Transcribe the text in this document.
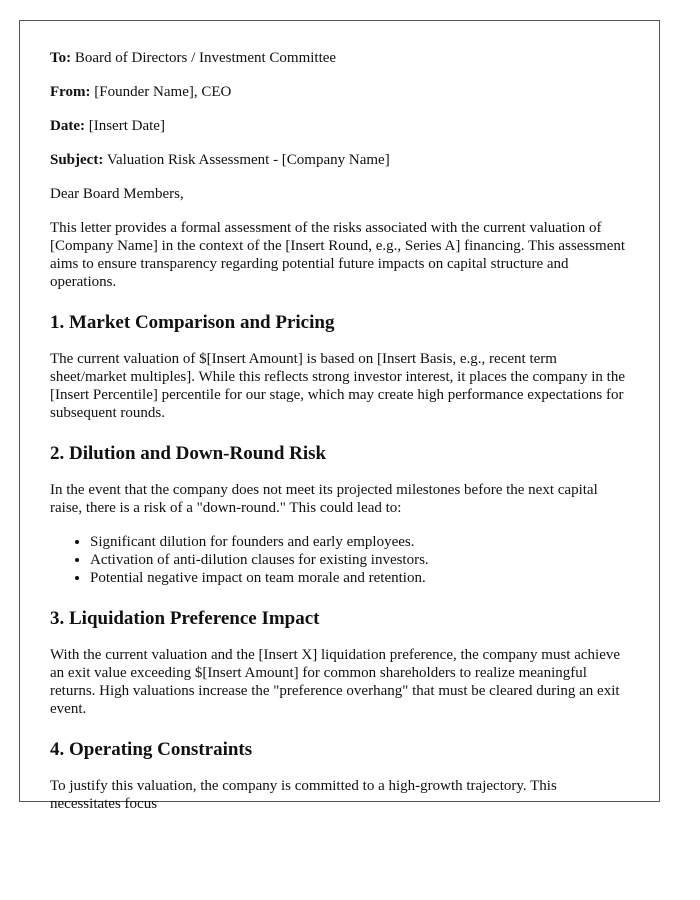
To: Board of Directors / Investment Committee
From: [Founder Name], CEO
Date: [Insert Date]
Subject: Valuation Risk Assessment - [Company Name]

Dear Board Members,

This letter provides a formal assessment of the risks associated with the current valuation of [Company Name] in the context of the [Insert Round, e.g., Series A] financing. This assessment aims to ensure transparency regarding potential future impacts on capital structure and operations.

1. Market Comparison and Pricing

The current valuation of $[Insert Amount] is based on [Insert Basis, e.g., recent term sheet/market multiples]. While this reflects strong investor interest, it places the company in the [Insert Percentile] percentile for our stage, which may create high performance expectations for subsequent rounds.

2. Dilution and Down-Round Risk

In the event that the company does not meet its projected milestones before the next capital raise, there is a risk of a "down-round." This could lead to:

• Significant dilution for founders and early employees.
• Activation of anti-dilution clauses for existing investors.
• Potential negative impact on team morale and retention.
3. Liquidation Preference Impact

With the current valuation and the [Insert X] liquidation preference, the company must achieve an exit value exceeding $[Insert Amount] for common shareholders to realize meaningful returns. High valuations increase the "preference overhang" that must be cleared during an exit event.

4. Operating Constraints

To justify this valuation, the company is committed to a high-growth trajectory. This necessitates focus
